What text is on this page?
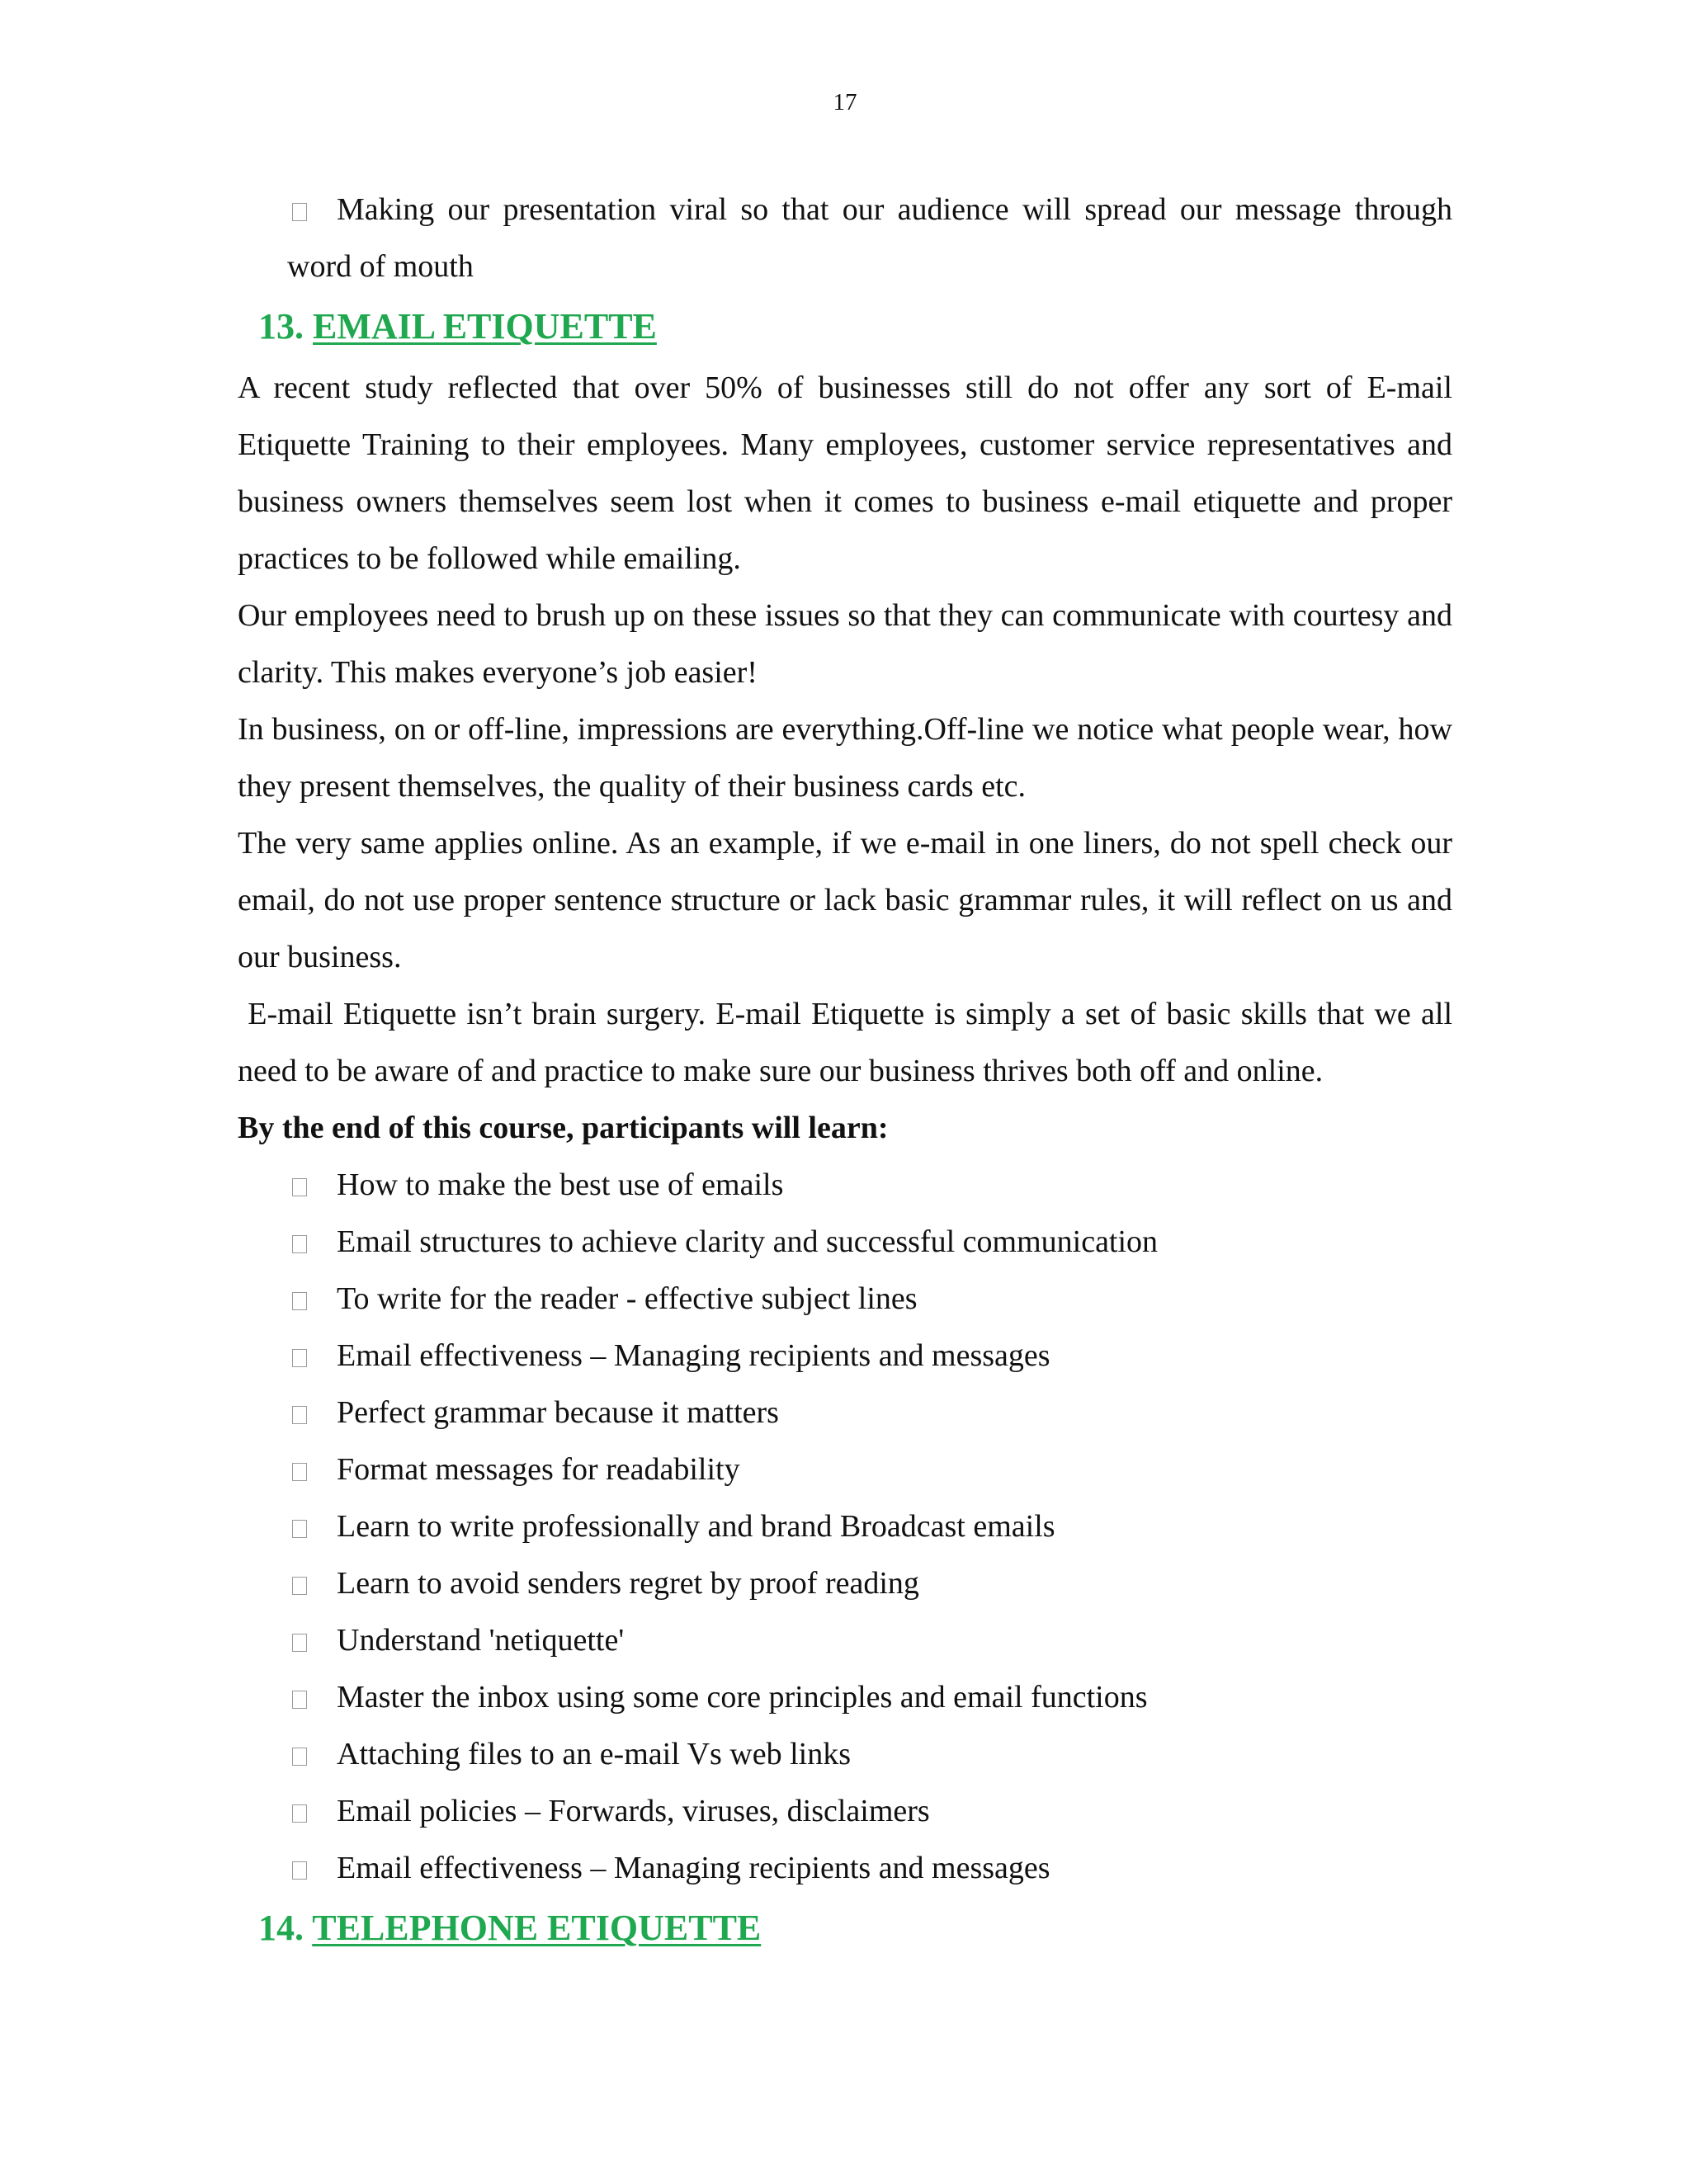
17

Making our presentation viral so that our audience will spread our message through word of mouth

13. EMAIL ETIQUETTE

A recent study reflected that over 50% of businesses still do not offer any sort of E-mail Etiquette Training to their employees. Many employees, customer service representatives and business owners themselves seem lost when it comes to business e-mail etiquette and proper practices to be followed while emailing.

Our employees need to brush up on these issues so that they can communicate with courtesy and clarity. This makes everyone’s job easier!

In business, on or off-line, impressions are everything.Off-line we notice what people wear, how they present themselves, the quality of their business cards etc.

The very same applies online. As an example, if we e-mail in one liners, do not spell check our email, do not use proper sentence structure or lack basic grammar rules, it will reflect on us and our business.

E-mail Etiquette isn’t brain surgery. E-mail Etiquette is simply a set of basic skills that we all need to be aware of and practice to make sure our business thrives both off and online.

By the end of this course, participants will learn:

How to make the best use of emails

Email structures to achieve clarity and successful communication

To write for the reader - effective subject lines

Email effectiveness – Managing recipients and messages

Perfect grammar because it matters

Format messages for readability

Learn to write professionally and brand Broadcast emails

Learn to avoid senders regret by proof reading

Understand 'netiquette'

Master the inbox using some core principles and email functions

Attaching files to an e-mail Vs web links

Email policies – Forwards, viruses, disclaimers

Email effectiveness – Managing recipients and messages

14. TELEPHONE ETIQUETTE
